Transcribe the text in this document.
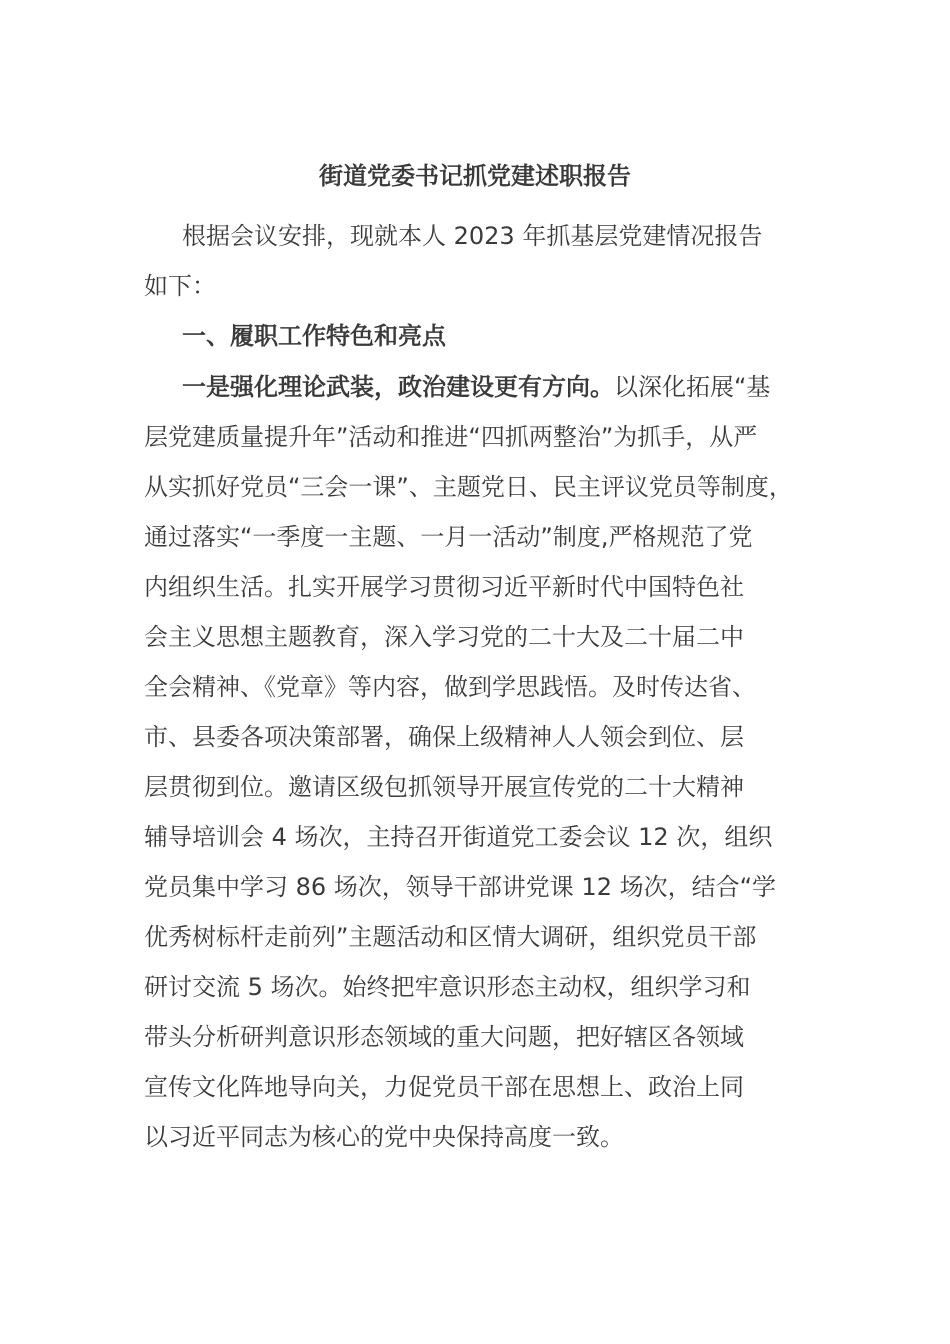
街道党委书记抓党建述职报告
根据会议安排，现就本人 2023 年抓基层党建情况报告
如下：
一、履职工作特色和亮点
一是强化理论武装，政治建设更有方向。以深化拓展“基
层党建质量提升年”活动和推进“四抓两整治”为抓手，从严
从实抓好党员“三会一课”、主题党日、民主评议党员等制度，
通过落实“一季度一主题、一月一活动”制度,严格规范了党
内组织生活。扎实开展学习贯彻习近平新时代中国特色社
会主义思想主题教育，深入学习党的二十大及二十届二中
全会精神、《党章》等内容，做到学思践悟。及时传达省、
市、县委各项决策部署，确保上级精神人人领会到位、层
层贯彻到位。邀请区级包抓领导开展宣传党的二十大精神
辅导培训会 4 场次，主持召开街道党工委会议 12 次，组织
党员集中学习 86 场次，领导干部讲党课 12 场次，结合“学
优秀树标杆走前列”主题活动和区情大调研，组织党员干部
研讨交流 5 场次。始终把牢意识形态主动权，组织学习和
带头分析研判意识形态领域的重大问题，把好辖区各领域
宣传文化阵地导向关，力促党员干部在思想上、政治上同
以习近平同志为核心的党中央保持高度一致。
